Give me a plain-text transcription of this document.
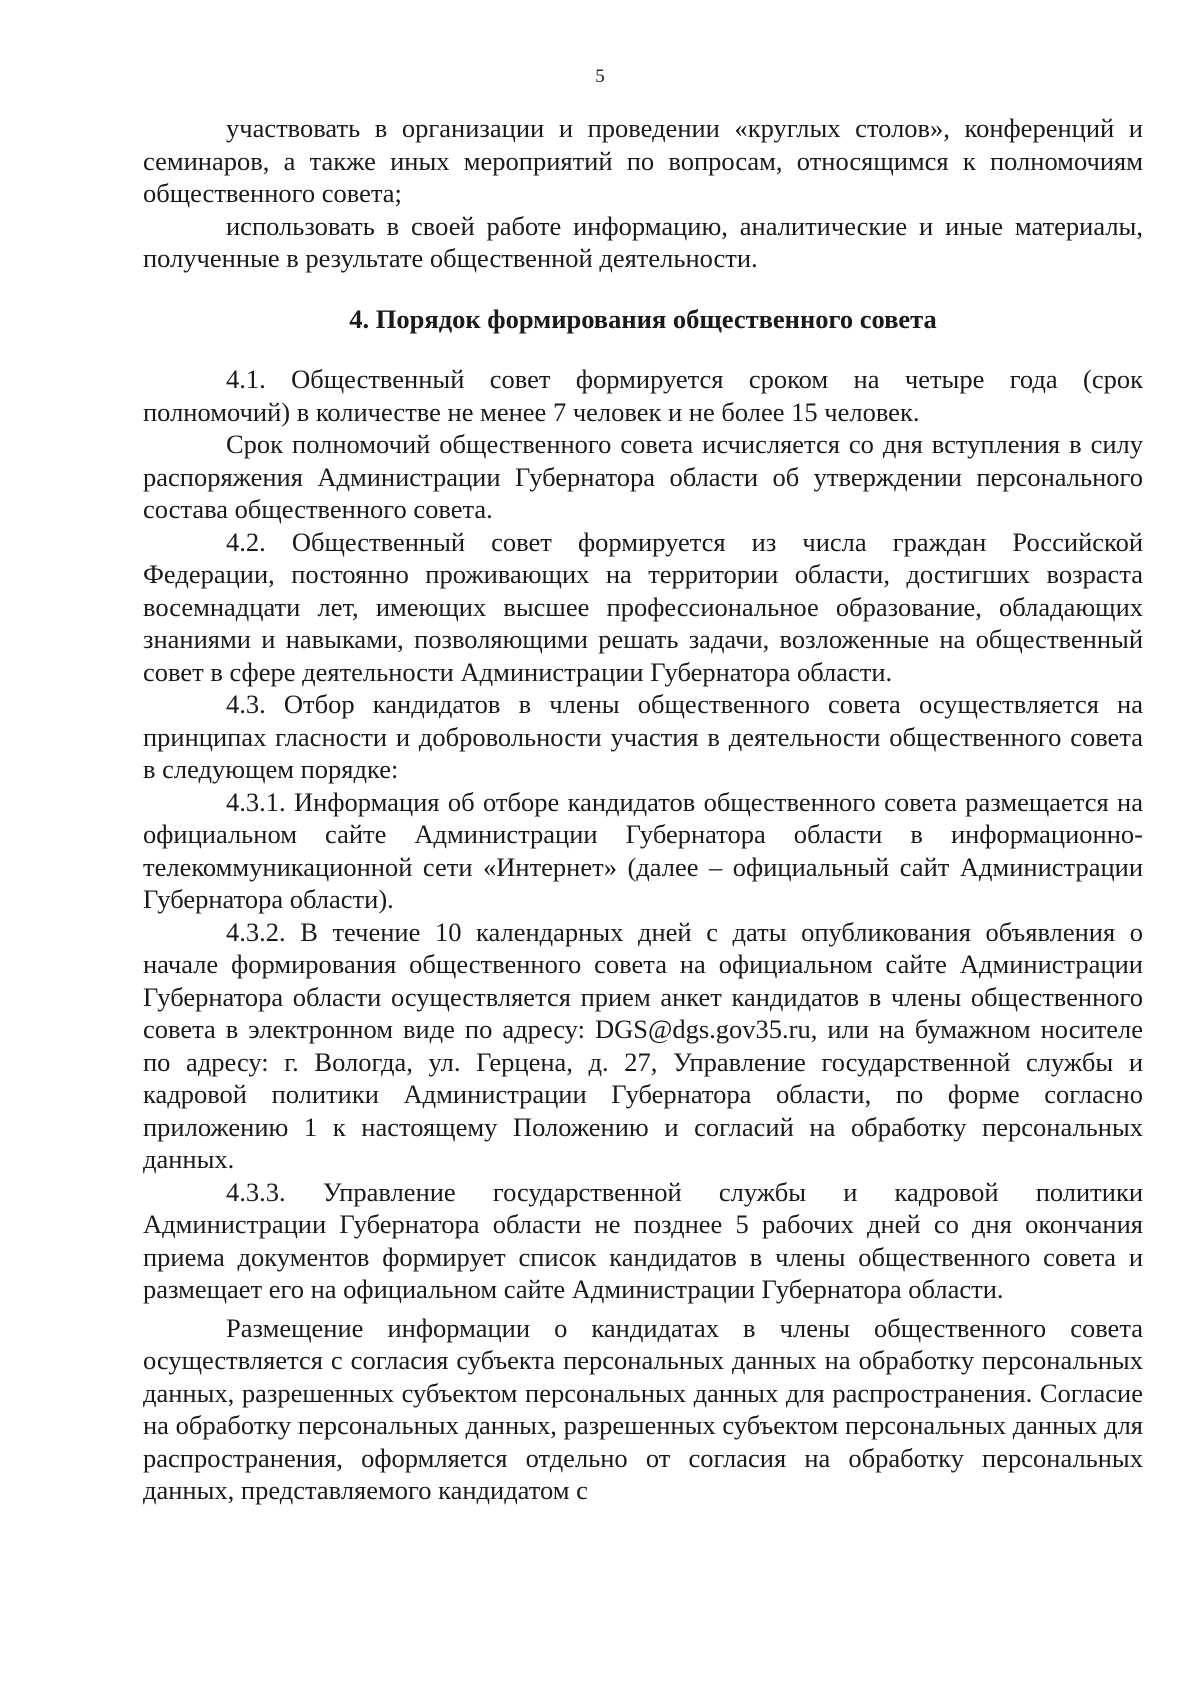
5

участвовать в организации и проведении «круглых столов», конференций и семинаров, а также иных мероприятий по вопросам, относящимся к полномочиям общественного совета;

использовать в своей работе информацию, аналитические и иные материалы, полученные в результате общественной деятельности.

4. Порядок формирования общественного совета

4.1. Общественный совет формируется сроком на четыре года (срок полномочий) в количестве не менее 7 человек и не более 15 человек.

Срок полномочий общественного совета исчисляется со дня вступления в силу распоряжения Администрации Губернатора области об утверждении персонального состава общественного совета.

4.2. Общественный совет формируется из числа граждан Российской Федерации, постоянно проживающих на территории области, достигших возраста восемнадцати лет, имеющих высшее профессиональное образование, обладающих знаниями и навыками, позволяющими решать задачи, возложенные на общественный совет в сфере деятельности Администрации Губернатора области.

4.3. Отбор кандидатов в члены общественного совета осуществляется на принципах гласности и добровольности участия в деятельности общественного совета в следующем порядке:

4.3.1. Информация об отборе кандидатов общественного совета размещается на официальном сайте Администрации Губернатора области в информационно-телекоммуникационной сети «Интернет» (далее – официальный сайт Администрации Губернатора области).

4.3.2. В течение 10 календарных дней с даты опубликования объявления о начале формирования общественного совета на официальном сайте Администрации Губернатора области осуществляется прием анкет кандидатов в члены общественного совета в электронном виде по адресу: DGS@dgs.gov35.ru, или на бумажном носителе по адресу: г. Вологда, ул. Герцена, д. 27, Управление государственной службы и кадровой политики Администрации Губернатора области, по форме согласно приложению 1 к настоящему Положению и согласий на обработку персональных данных.

4.3.3. Управление государственной службы и кадровой политики Администрации Губернатора области не позднее 5 рабочих дней со дня окончания приема документов формирует список кандидатов в члены общественного совета и размещает его на официальном сайте Администрации Губернатора области.

Размещение информации о кандидатах в члены общественного совета осуществляется с согласия субъекта персональных данных на обработку персональных данных, разрешенных субъектом персональных данных для распространения. Согласие на обработку персональных данных, разрешенных субъектом персональных данных для распространения, оформляется отдельно от согласия на обработку персональных данных, представляемого кандидатом с
